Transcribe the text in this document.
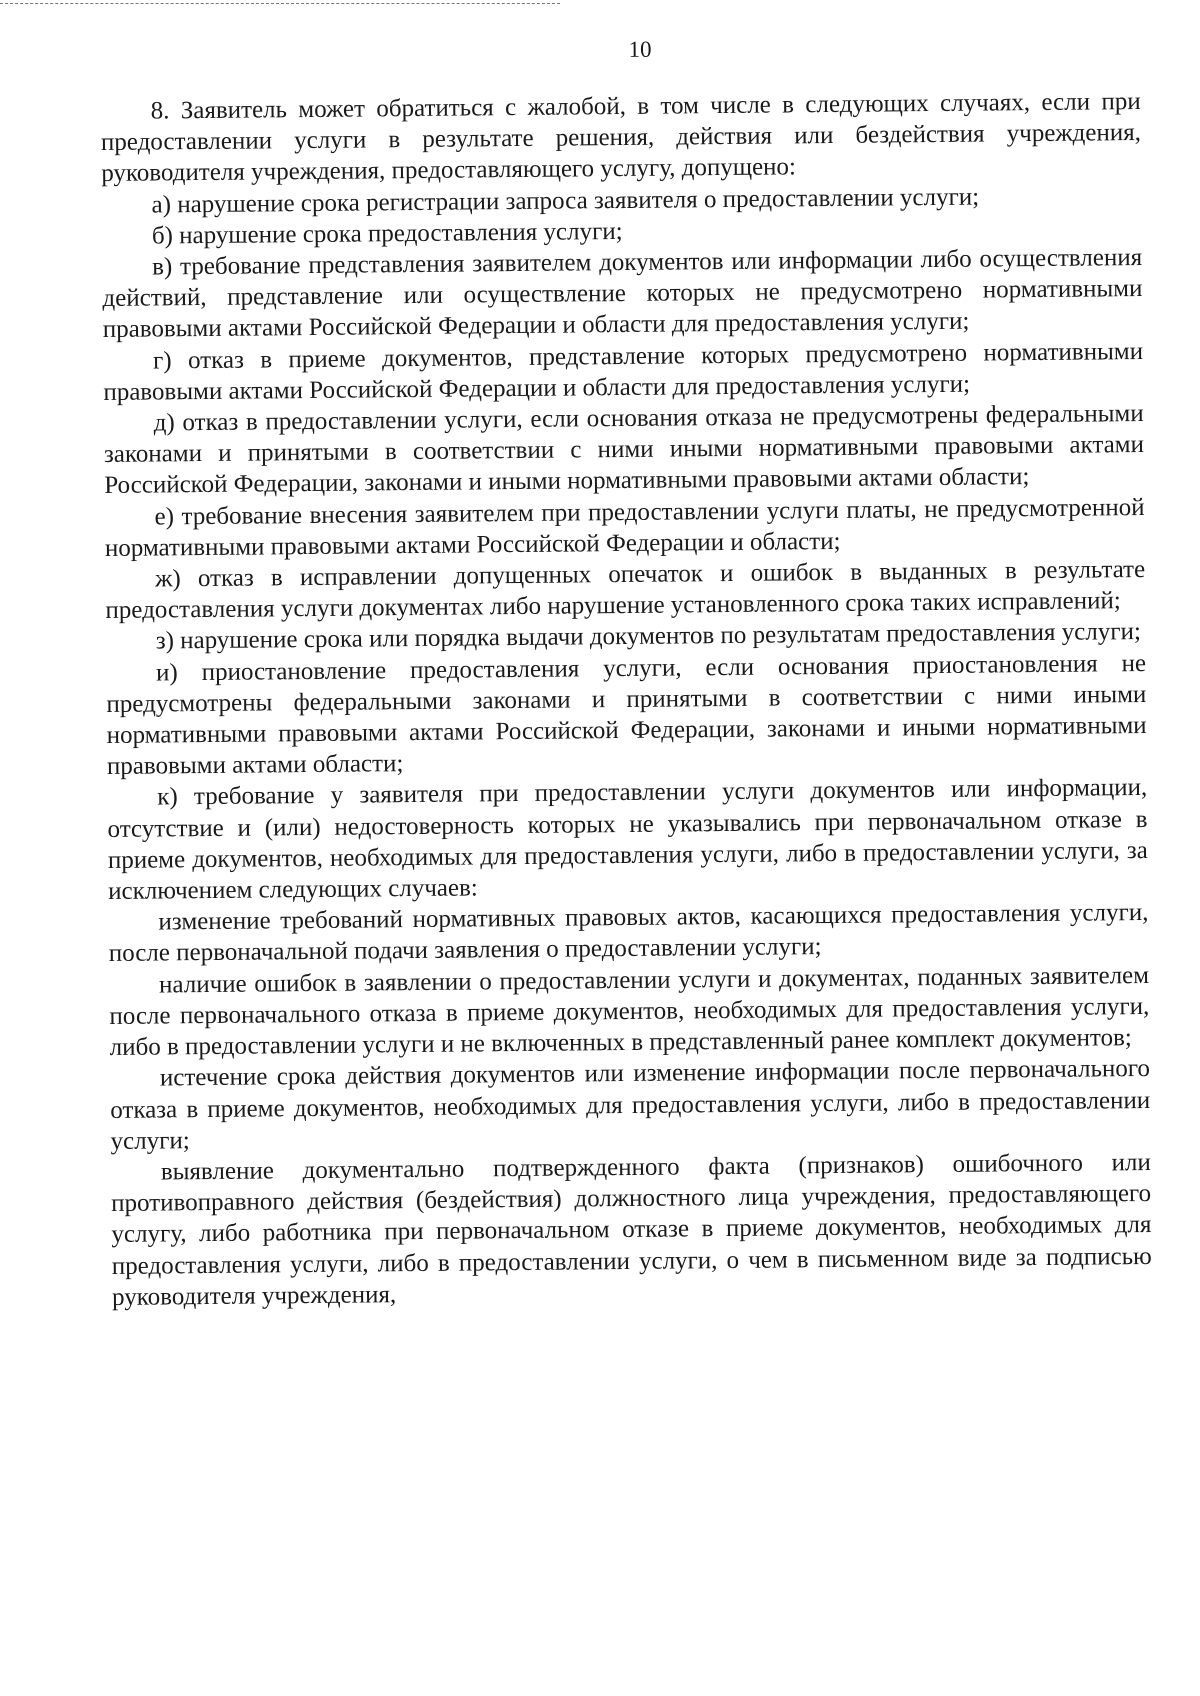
10

8. Заявитель может обратиться с жалобой, в том числе в следующих случаях, если при предоставлении услуги в результате решения, действия или бездействия учреждения, руководителя учреждения, предоставляющего услугу, допущено:

а) нарушение срока регистрации запроса заявителя о предоставлении услуги;

б) нарушение срока предоставления услуги;

в) требование представления заявителем документов или информации либо осуществления действий, представление или осуществление которых не предусмотрено нормативными правовыми актами Российской Федерации и области для предоставления услуги;

г) отказ в приеме документов, представление которых предусмотрено нормативными правовыми актами Российской Федерации и области для предоставления услуги;

д) отказ в предоставлении услуги, если основания отказа не предусмотрены федеральными законами и принятыми в соответствии с ними иными нормативными правовыми актами Российской Федерации, законами и иными нормативными правовыми актами области;

е) требование внесения заявителем при предоставлении услуги платы, не предусмотренной нормативными правовыми актами Российской Федерации и области;

ж) отказ в исправлении допущенных опечаток и ошибок в выданных в результате предоставления услуги документах либо нарушение установленного срока таких исправлений;

з) нарушение срока или порядка выдачи документов по результатам предоставления услуги;

и) приостановление предоставления услуги, если основания приостановления не предусмотрены федеральными законами и принятыми в соответствии с ними иными нормативными правовыми актами Российской Федерации, законами и иными нормативными правовыми актами области;

к) требование у заявителя при предоставлении услуги документов или информации, отсутствие и (или) недостоверность которых не указывались при первоначальном отказе в приеме документов, необходимых для предоставления услуги, либо в предоставлении услуги, за исключением следующих случаев:

изменение требований нормативных правовых актов, касающихся предоставления услуги, после первоначальной подачи заявления о предоставлении услуги;

наличие ошибок в заявлении о предоставлении услуги и документах, поданных заявителем после первоначального отказа в приеме документов, необходимых для предоставления услуги, либо в предоставлении услуги и не включенных в представленный ранее комплект документов;

истечение срока действия документов или изменение информации после первоначального отказа в приеме документов, необходимых для предоставления услуги, либо в предоставлении услуги;

выявление документально подтвержденного факта (признаков) ошибочного или противоправного действия (бездействия) должностного лица учреждения, предоставляющего услугу, либо работника при первоначальном отказе в приеме документов, необходимых для предоставления услуги, либо в предоставлении услуги, о чем в письменном виде за подписью руководителя учреждения,
